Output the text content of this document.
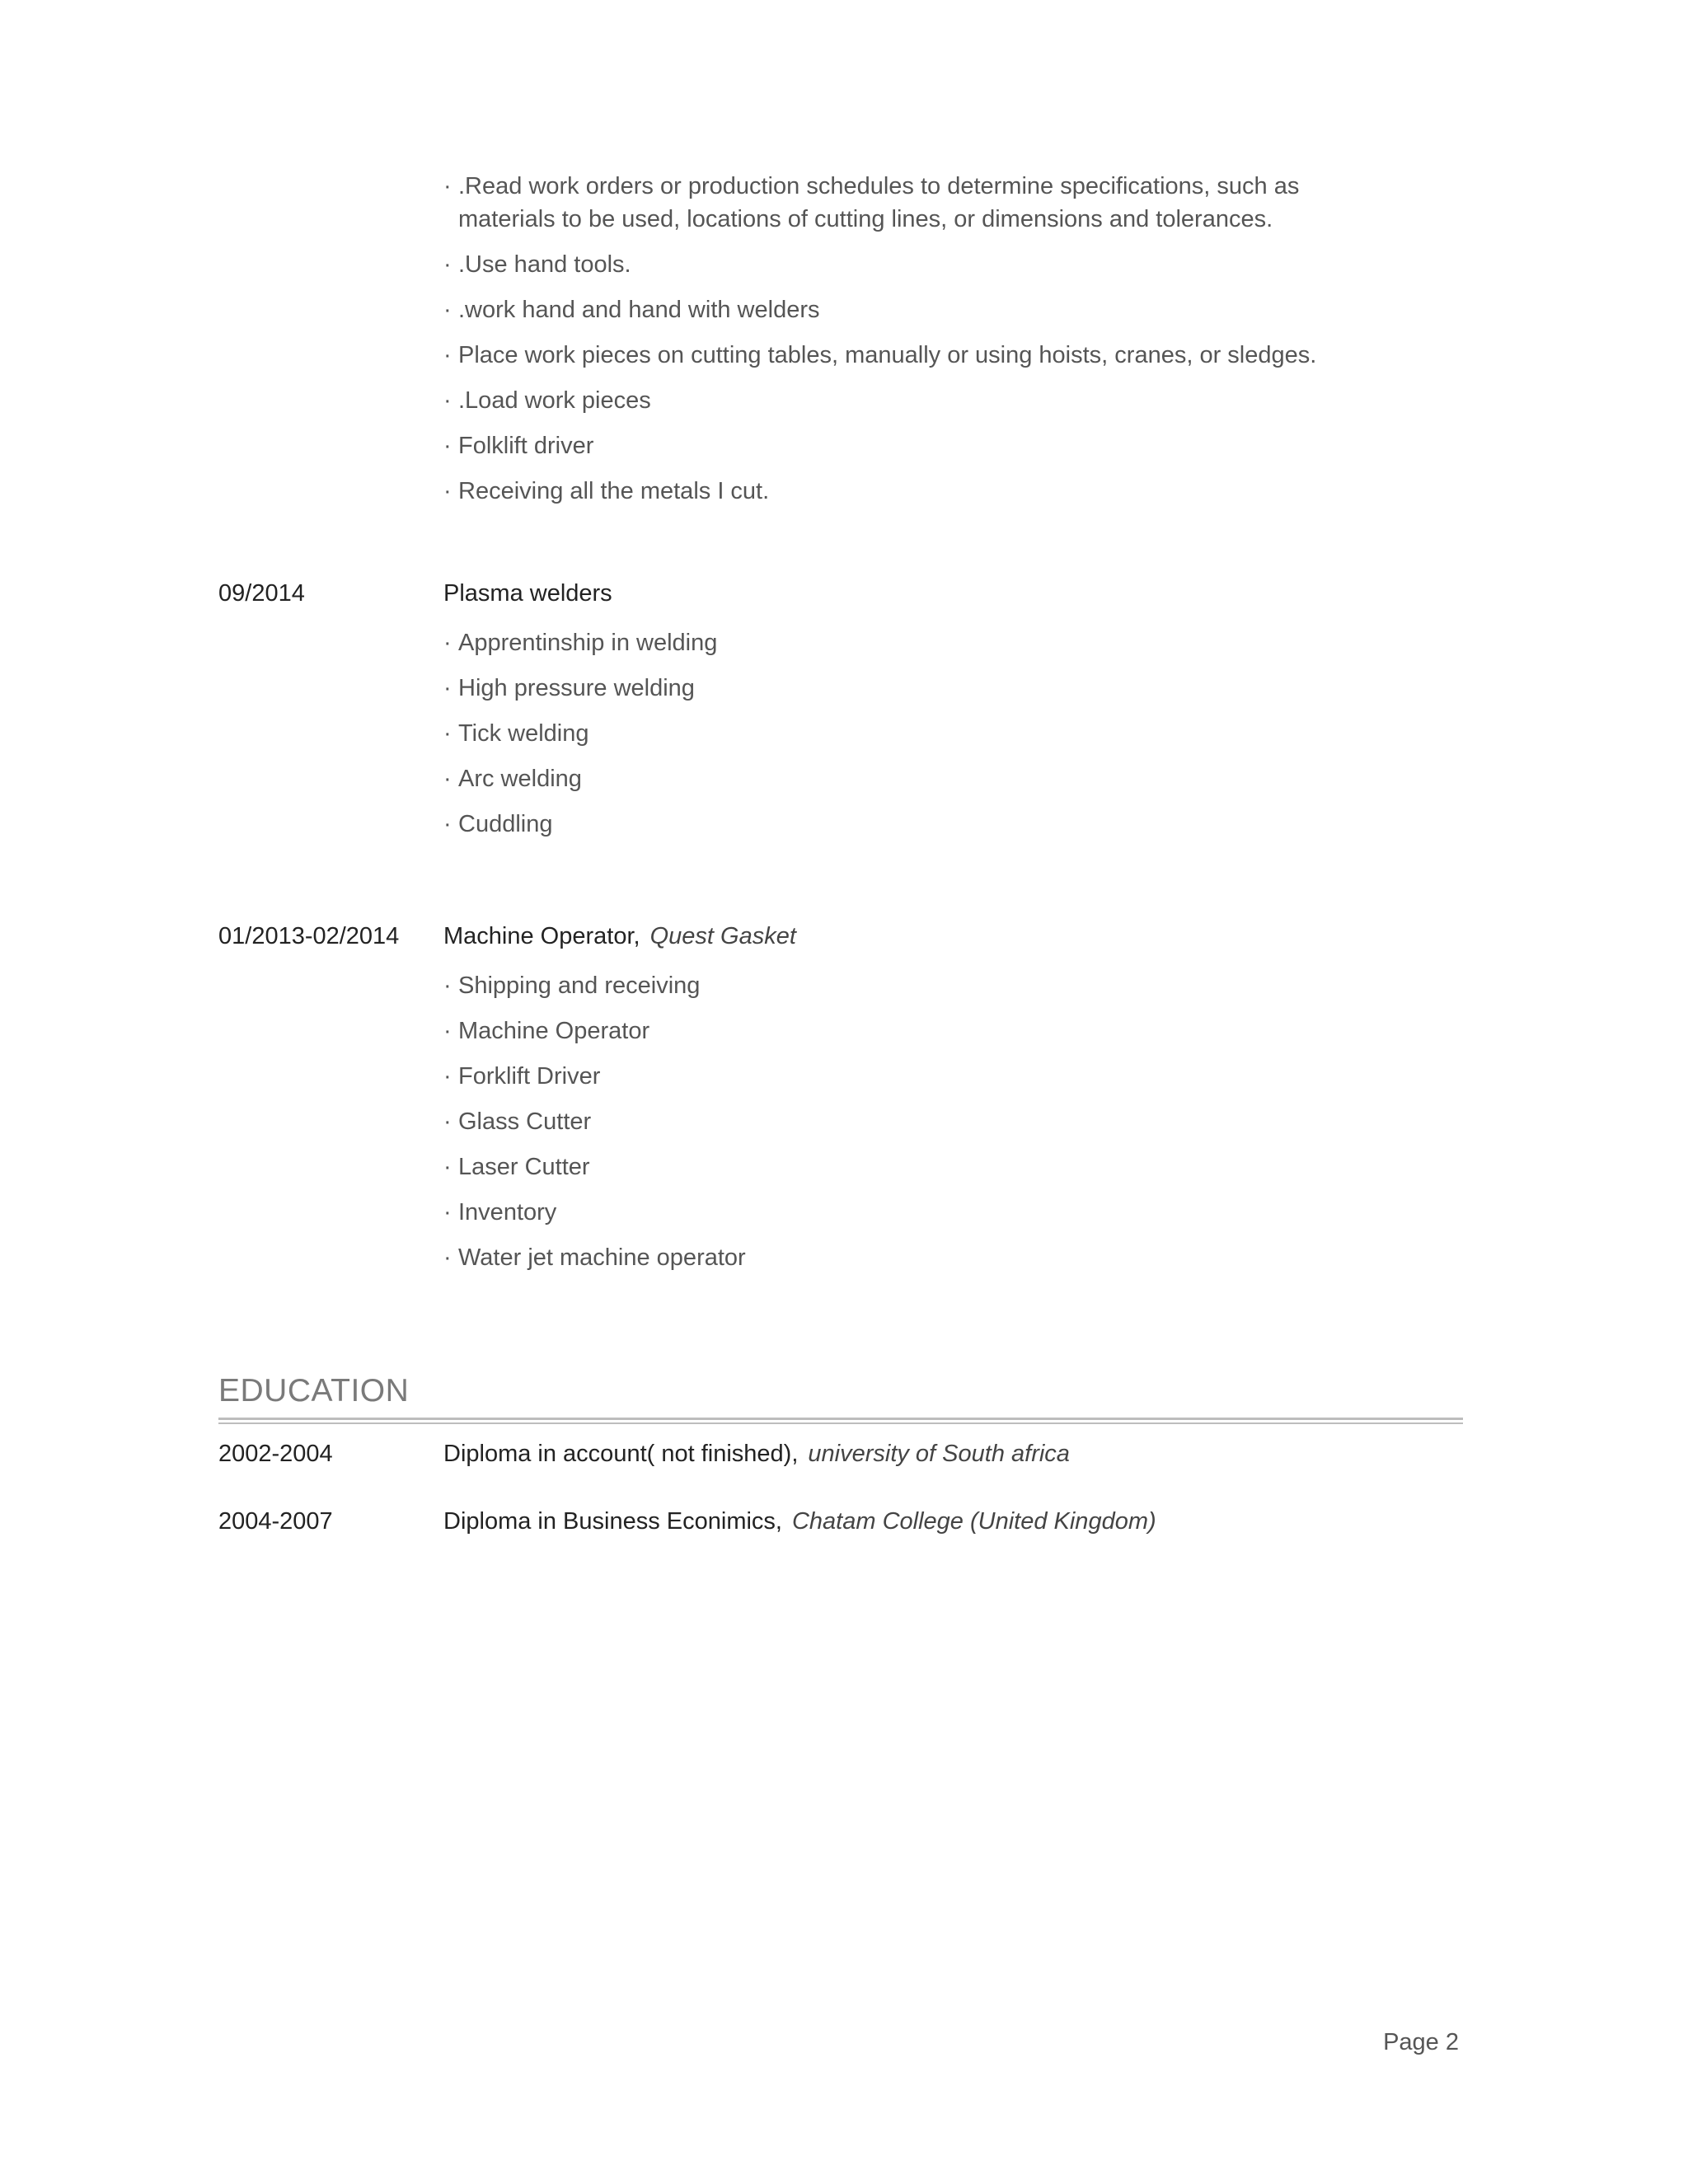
· .Read work orders or production schedules to determine specifications, such as materials to be used, locations of cutting lines, or dimensions and tolerances.
· .Use hand tools.
· .work hand and hand with welders
· Place work pieces on cutting tables, manually or using hoists, cranes, or sledges.
· .Load work pieces
· Folklift driver
· Receiving all the metals I cut.
09/2014	Plasma welders
· Apprentinship in welding
· High pressure welding
· Tick welding
· Arc welding
· Cuddling
01/2013-02/2014	Machine Operator, Quest Gasket
· Shipping and receiving
· Machine Operator
· Forklift Driver
· Glass Cutter
· Laser Cutter
· Inventory
· Water jet machine operator
EDUCATION
2002-2004	Diploma in account( not finished), university of South africa
2004-2007	Diploma in Business Econimics, Chatam College (United Kingdom)
Page 2
